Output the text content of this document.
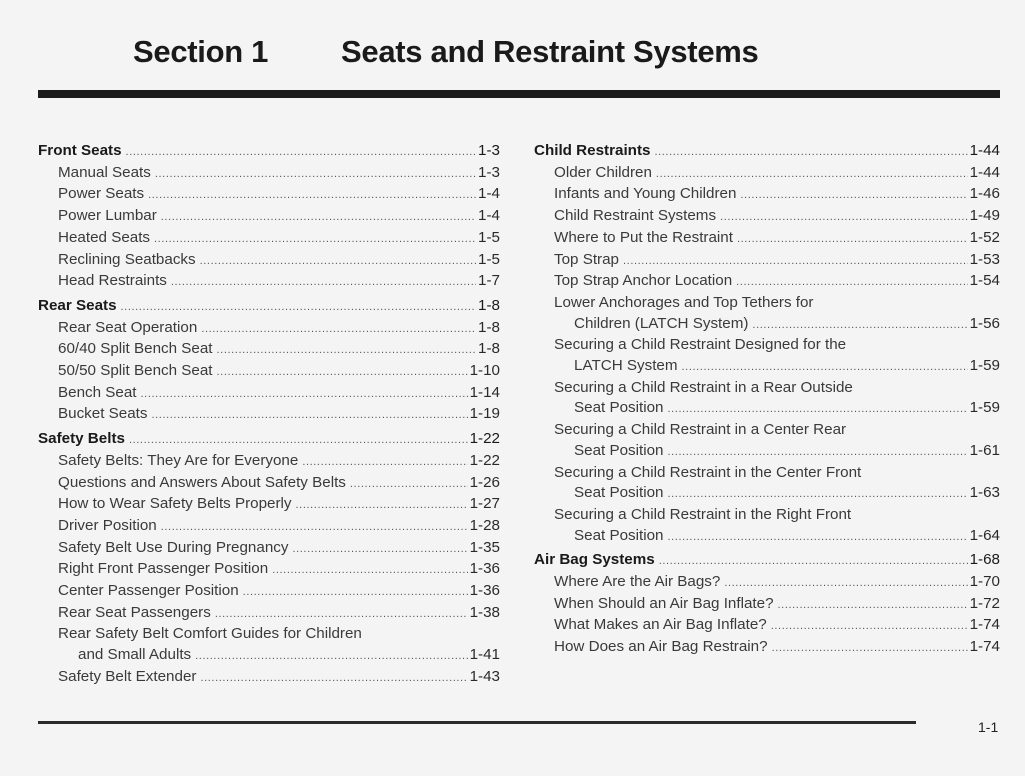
Section 1 Seats and Restraint Systems
Front Seats .....	1-3
Manual Seats .....	1-3
Power Seats .....	1-4
Power Lumbar .....	1-4
Heated Seats .....	1-5
Reclining Seatbacks .....	1-5
Head Restraints .....	1-7
Rear Seats .....	1-8
Rear Seat Operation .....	1-8
60/40 Split Bench Seat .....	1-8
50/50 Split Bench Seat .....	1-10
Bench Seat .....	1-14
Bucket Seats .....	1-19
Safety Belts .....	1-22
Safety Belts: They Are for Everyone .....	1-22
Questions and Answers About Safety Belts .....	1-26
How to Wear Safety Belts Properly .....	1-27
Driver Position .....	1-28
Safety Belt Use During Pregnancy .....	1-35
Right Front Passenger Position .....	1-36
Center Passenger Position .....	1-36
Rear Seat Passengers .....	1-38
Rear Safety Belt Comfort Guides for Children
and Small Adults .....	1-41
Safety Belt Extender .....	1-43
Child Restraints .....	1-44
Older Children .....	1-44
Infants and Young Children .....	1-46
Child Restraint Systems .....	1-49
Where to Put the Restraint .....	1-52
Top Strap .....	1-53
Top Strap Anchor Location .....	1-54
Lower Anchorages and Top Tethers for
Children (LATCH System) .....	1-56
Securing a Child Restraint Designed for the
LATCH System .....	1-59
Securing a Child Restraint in a Rear Outside
Seat Position .....	1-59
Securing a Child Restraint in a Center Rear
Seat Position .....	1-61
Securing a Child Restraint in the Center Front
Seat Position .....	1-63
Securing a Child Restraint in the Right Front
Seat Position .....	1-64
Air Bag Systems .....	1-68
Where Are the Air Bags? .....	1-70
When Should an Air Bag Inflate? .....	1-72
What Makes an Air Bag Inflate? .....	1-74
How Does an Air Bag Restrain? .....	1-74
1-1
